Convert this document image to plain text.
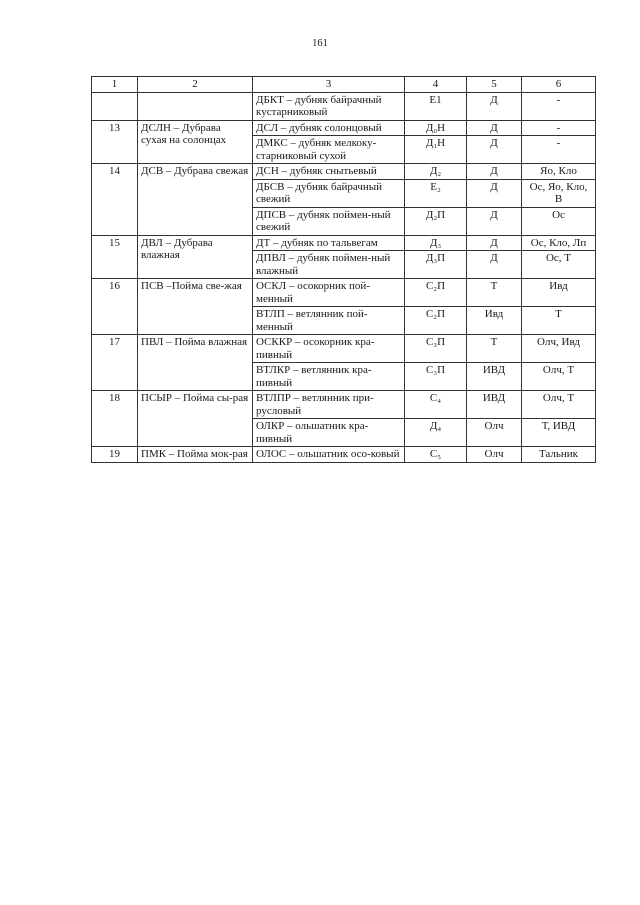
161
1	2	3	4	5	6
		ДБКТ – дубняк байрачный кустарниковый	Е1	Д	-
13	ДСЛН – Дубрава сухая на солонцах	ДСЛ – дубняк солонцовый	Д₀Н	Д	-
		ДМКС – дубняк мелкоку-старниковый сухой	Д₁Н	Д	-
14	ДСВ – Дубрава свежая	ДСН – дубняк снытьевый	Д₂	Д	Яо, Кло
		ДБСВ – дубняк байрачный свежий	Е₂	Д	Ос, Яо, Кло, В
		ДПСВ – дубняк поймен-ный свежий	Д₂П	Д	Ос
15	ДВЛ – Дубрава влажная	ДТ – дубняк по тальвегам	Д₃	Д	Ос, Кло, Лп
		ДПВЛ – дубняк поймен-ный влажный	Д₃П	Д	Ос, Т
16	ПСВ –Пойма све-жая	ОСКЛ – осокорник пой-менный	С₂П	Т	Ивд
		ВТЛП – ветлянник пой-менный	С₂П	Ивд	Т
17	ПВЛ – Пойма влажная	ОСККР – осокорник кра-пивный	С₃П	Т	Олч, Ивд
		ВТЛКР – ветлянник кра-пивный	С₃П	ИВД	Олч, Т
18	ПСЫР – Пойма сы-рая	ВТЛПР – ветлянник при-русловый	С₄	ИВД	Олч, Т
		ОЛКР – ольшатник кра-пивный	Д₄	Олч	Т, ИВД
19	ПМК – Пойма мок-рая	ОЛОС – ольшатник осо-ковый	С₅	Олч	Тальник
